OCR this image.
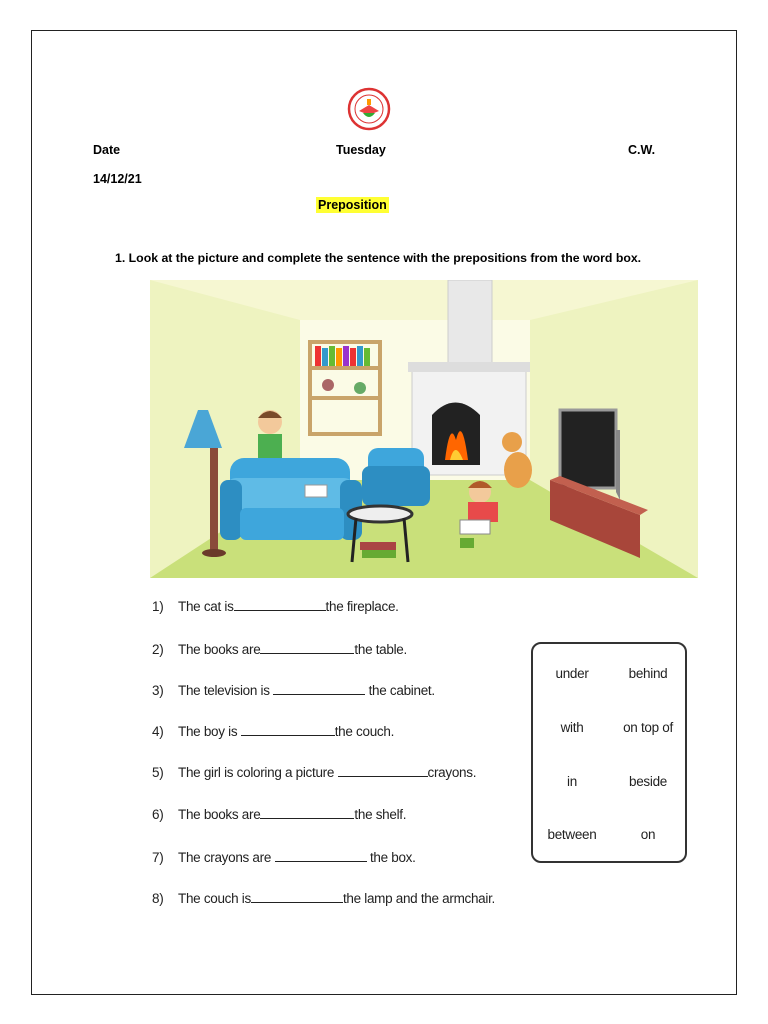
Date	Tuesday	C.W.
14/12/21
Preposition
1. Look at the picture and complete the sentence with the prepositions from the word box.
1) The cat is	the fireplace.
2) The books are	the table.
3) The television is	the cabinet.
4) The boy is	the couch.
5) The girl is coloring a picture	crayons.
6) The books are	the shelf.
7) The crayons are	the box.
8) The couch is	the lamp and the armchair.
under	behind
with	on top of
in	beside
between	on
